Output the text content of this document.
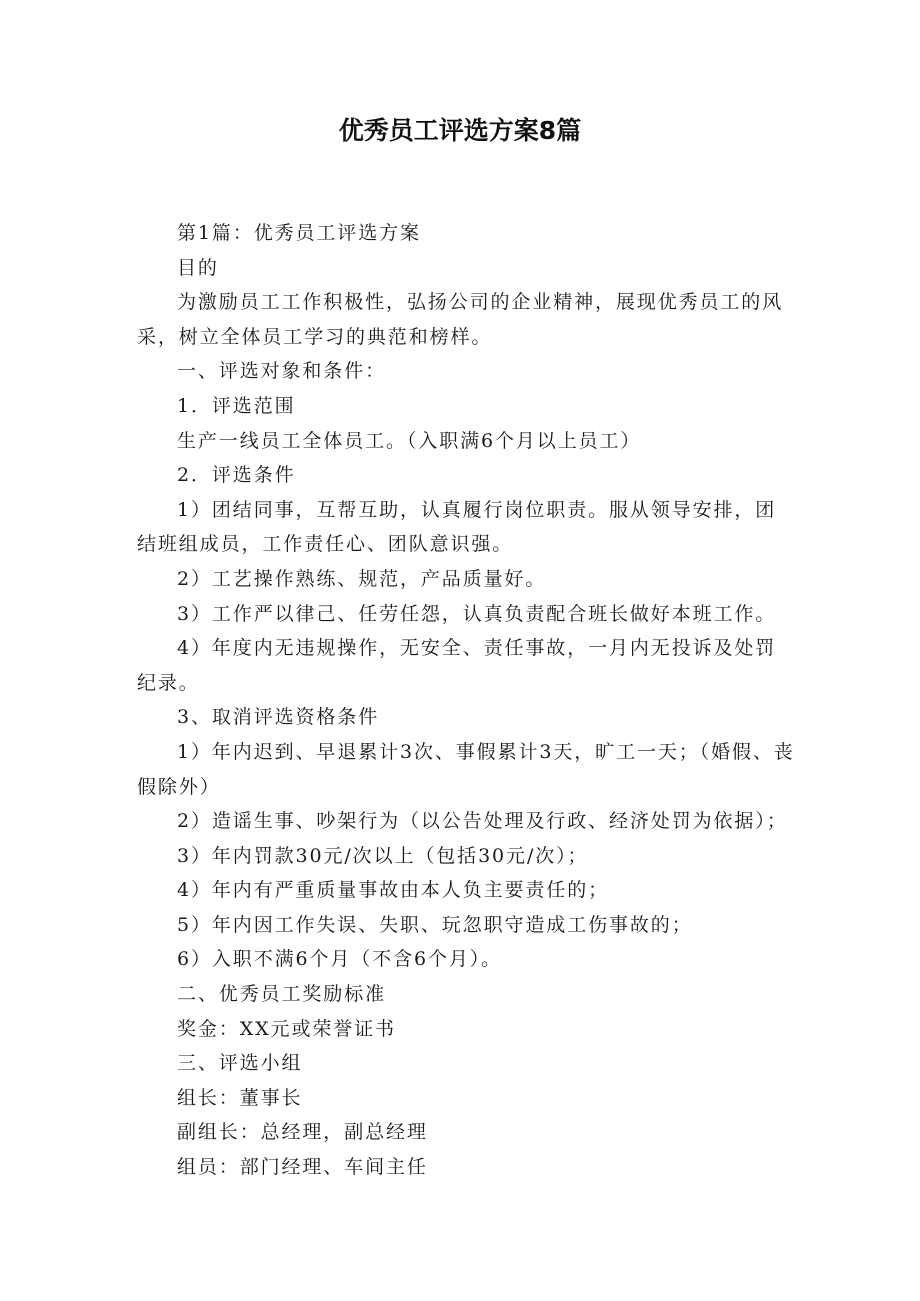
优秀员工评选方案8篇

第1篇：优秀员工评选方案

目的

为激励员工工作积极性，弘扬公司的企业精神，展现优秀员工的风采，树立全体员工学习的典范和榜样。

一、评选对象和条件：

1．评选范围

生产一线员工全体员工。（入职满6个月以上员工）

2．评选条件

1）团结同事，互帮互助，认真履行岗位职责。服从领导安排，团结班组成员，工作责任心、团队意识强。

2）工艺操作熟练、规范，产品质量好。

3）工作严以律己、任劳任怨，认真负责配合班长做好本班工作。

4）年度内无违规操作，无安全、责任事故，一月内无投诉及处罚纪录。

3、取消评选资格条件

1）年内迟到、早退累计3次、事假累计3天，旷工一天；（婚假、丧假除外）

2）造谣生事、吵架行为（以公告处理及行政、经济处罚为依据）；

3）年内罚款30元/次以上（包括30元/次）；

4）年内有严重质量事故由本人负主要责任的；

5）年内因工作失误、失职、玩忽职守造成工伤事故的；

6）入职不满6个月（不含6个月）。

二、优秀员工奖励标准

奖金：XX元或荣誉证书

三、评选小组

组长：董事长

副组长：总经理，副总经理

组员：部门经理、车间主任
